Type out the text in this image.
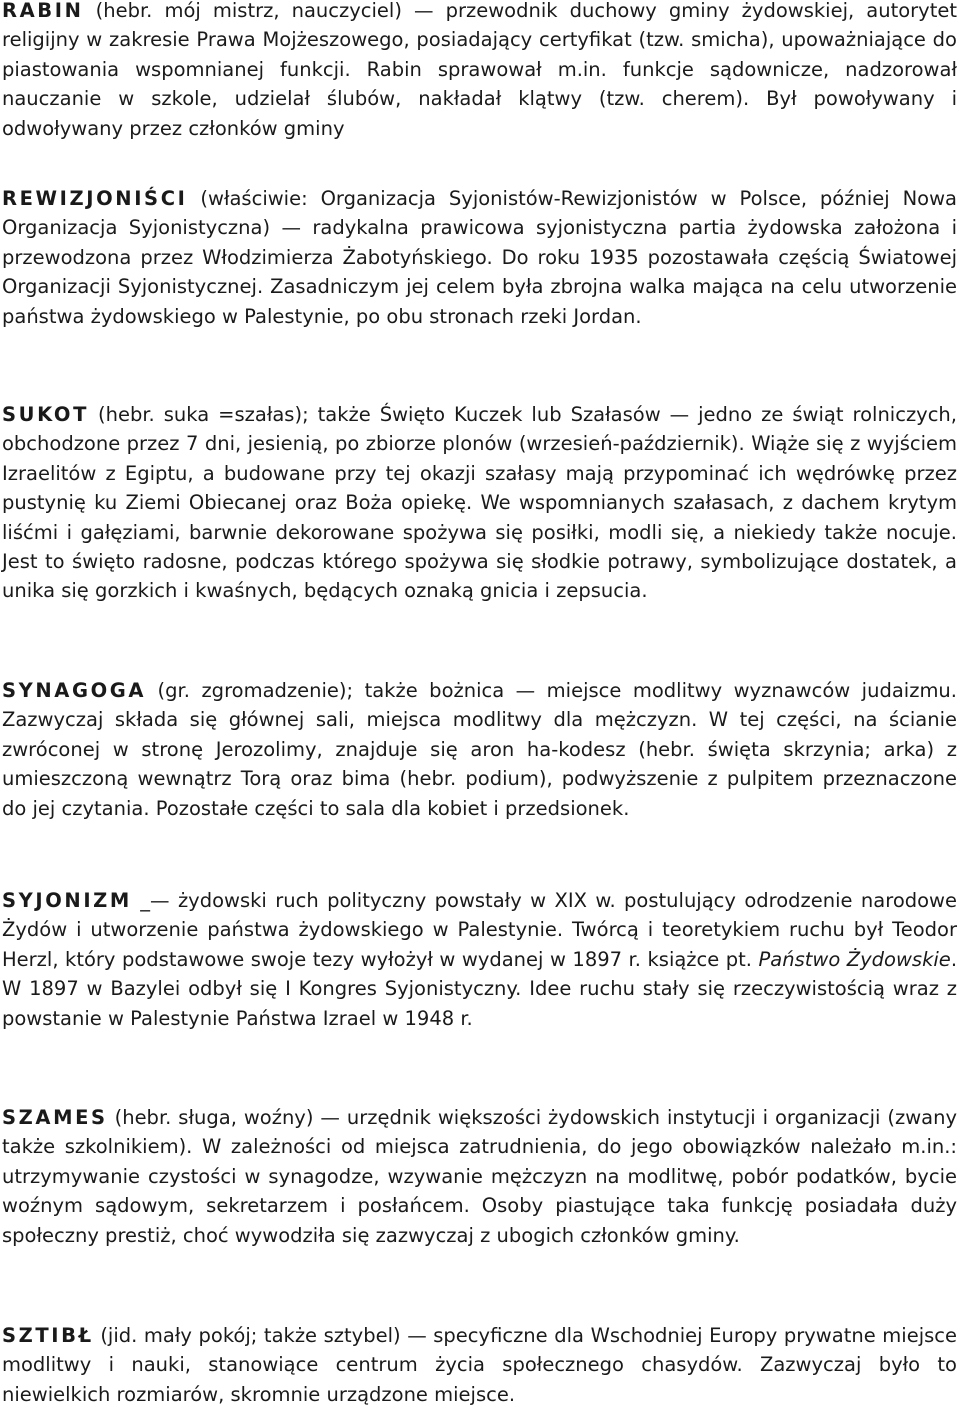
RABIN (hebr. mój mistrz, nauczyciel) — przewodnik duchowy gminy żydowskiej, autorytet religijny w zakresie Prawa Mojżeszowego, posiadający certyfikat (tzw. smicha), upoważniające do piastowania wspomnianej funkcji. Rabin sprawował m.in. funkcje sądownicze, nadzorował nauczanie w szkole, udzielał ślubów, nakładał klątwy (tzw. cherem). Był powoływany i odwoływany przez członków gminy

REWIZJONIŚCI (właściwie: Organizacja Syjonistów-Rewizjonistów w Polsce, później Nowa Organizacja Syjonistyczna) — radykalna prawicowa syjonistyczna partia żydowska założona i przewodzona przez Włodzimierza Żabotyńskiego. Do roku 1935 pozostawała częścią Światowej Organizacji Syjonistycznej. Zasadniczym jej celem była zbrojna walka mająca na celu utworzenie państwa żydowskiego w Palestynie, po obu stronach rzeki Jordan.

SUKOT (hebr. suka =szałas); także Święto Kuczek lub Szałasów — jedno ze świąt rolniczych, obchodzone przez 7 dni, jesienią, po zbiorze plonów (wrzesień-październik). Wiąże się z wyjściem Izraelitów z Egiptu, a budowane przy tej okazji szałasy mają przypominać ich wędrówkę przez pustynię ku Ziemi Obiecanej oraz Boża opiekę. We wspomnianych szałasach, z dachem krytym liśćmi i gałęziami, barwnie dekorowane spożywa się posiłki, modli się, a niekiedy także nocuje. Jest to święto radosne, podczas którego spożywa się słodkie potrawy, symbolizujące dostatek, a unika się gorzkich i kwaśnych, będących oznaką gnicia i zepsucia.

SYNAGOGA (gr. zgromadzenie); także bożnica — miejsce modlitwy wyznawców judaizmu. Zazwyczaj składa się głównej sali, miejsca modlitwy dla mężczyzn. W tej części, na ścianie zwróconej w stronę Jerozolimy, znajduje się aron ha-kodesz (hebr. święta skrzynia; arka) z umieszczoną wewnątrz Torą oraz bima (hebr. podium), podwyższenie z pulpitem przeznaczone do jej czytania. Pozostałe części to sala dla kobiet i przedsionek.

SYJONIZM _— żydowski ruch polityczny powstały w XIX w. postulujący odrodzenie narodowe Żydów i utworzenie państwa żydowskiego w Palestynie. Twórcą i teoretykiem ruchu był Teodor Herzl, który podstawowe swoje tezy wyłożył w wydanej w 1897 r. książce pt. Państwo Żydowskie. W 1897 w Bazylei odbył się I Kongres Syjonistyczny. Idee ruchu stały się rzeczywistością wraz z powstanie w Palestynie Państwa Izrael w 1948 r.

SZAMES (hebr. sługa, woźny) — urzędnik większości żydowskich instytucji i organizacji (zwany także szkolnikiem). W zależności od miejsca zatrudnienia, do jego obowiązków należało m.in.: utrzymywanie czystości w synagodze, wzywanie mężczyzn na modlitwę, pobór podatków, bycie woźnym sądowym, sekretarzem i posłańcem. Osoby piastujące taka funkcję posiadała duży społeczny prestiż, choć wywodziła się zazwyczaj z ubogich członków gminy.

SZTIBŁ (jid. mały pokój; także sztybel) — specyficzne dla Wschodniej Europy prywatne miejsce modlitwy i nauki, stanowiące centrum życia społecznego chasydów. Zazwyczaj było to niewielkich rozmiarów, skromnie urządzone miejsce.
